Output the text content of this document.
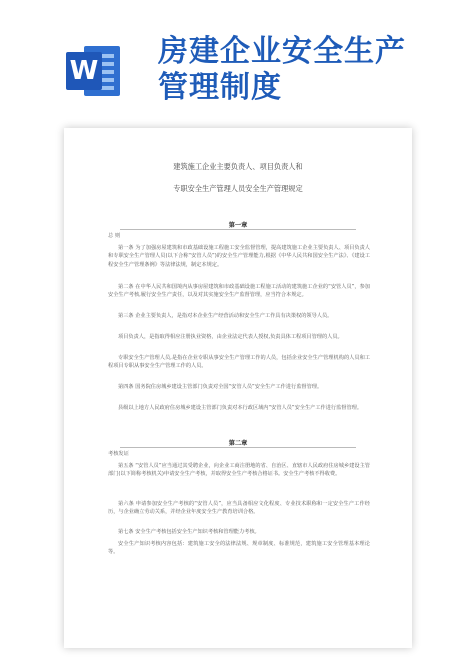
W
房建企业安全生产
管理制度
建筑施工企业主要负责人、项目负责人和
专职安全生产管理人员安全生产管理规定
第一章
总 则
第一条 为了加强房屋建筑和市政基础设施工程施工安全监督管理，提高建筑施工企业主要负责人、项目负责人和专职安全生产管理人员(以下合称“安管人员”)的安全生产管理能力,根据《中华人民共和国安全生产法》、《建设工程安全生产管理条例》等法律法规，制定本规定。
第二条 在中华人民共和国境内从事房屋建筑和市政基础设施工程施工活动的建筑施工企业的“安管人员”，参加安全生产考核,履行安全生产责任，以及对其实施安全生产监督管理，应当符合本规定。
第三条 企业主要负责人，是指对本企业生产经营活动和安全生产工作具有决策权的领导人员。
项目负责人，是指取得相应注册执业资格，由企业法定代表人授权,负责具体工程项目管理的人员。
专职安全生产管理人员,是指在企业专职从事安全生产管理工作的人员，包括企业安全生产管理机构的人员和工程项目专职从事安全生产管理工作的人员。
第四条 国务院住房城乡建设主管部门负责对全国“安管人员”安全生产工作进行监督管理。
县级以上地方人民政府住房城乡建设主管部门负责对本行政区域内“安管人员”安全生产工作进行监督管理。
第二章
考核发证
第五条 “安管人员”应当通过其受聘企业，向企业工商注册地的省、自治区、直辖市人民政府住房城乡建设主管部门(以下简称考核机关)申请安全生产考核，并取得安全生产考核合格证书。安全生产考核不得收费。
第六条 申请参加安全生产考核的“安管人员”，应当具备相应文化程度、专业技术职称和一定安全生产工作经历，与企业确立劳动关系，并经企业年度安全生产教育培训合格。
第七条 安全生产考核包括安全生产知识考核和管理能力考核。
安全生产知识考核内容包括：建筑施工安全的法律法规、规章制度、标准规范，建筑施工安全管理基本理论等。
